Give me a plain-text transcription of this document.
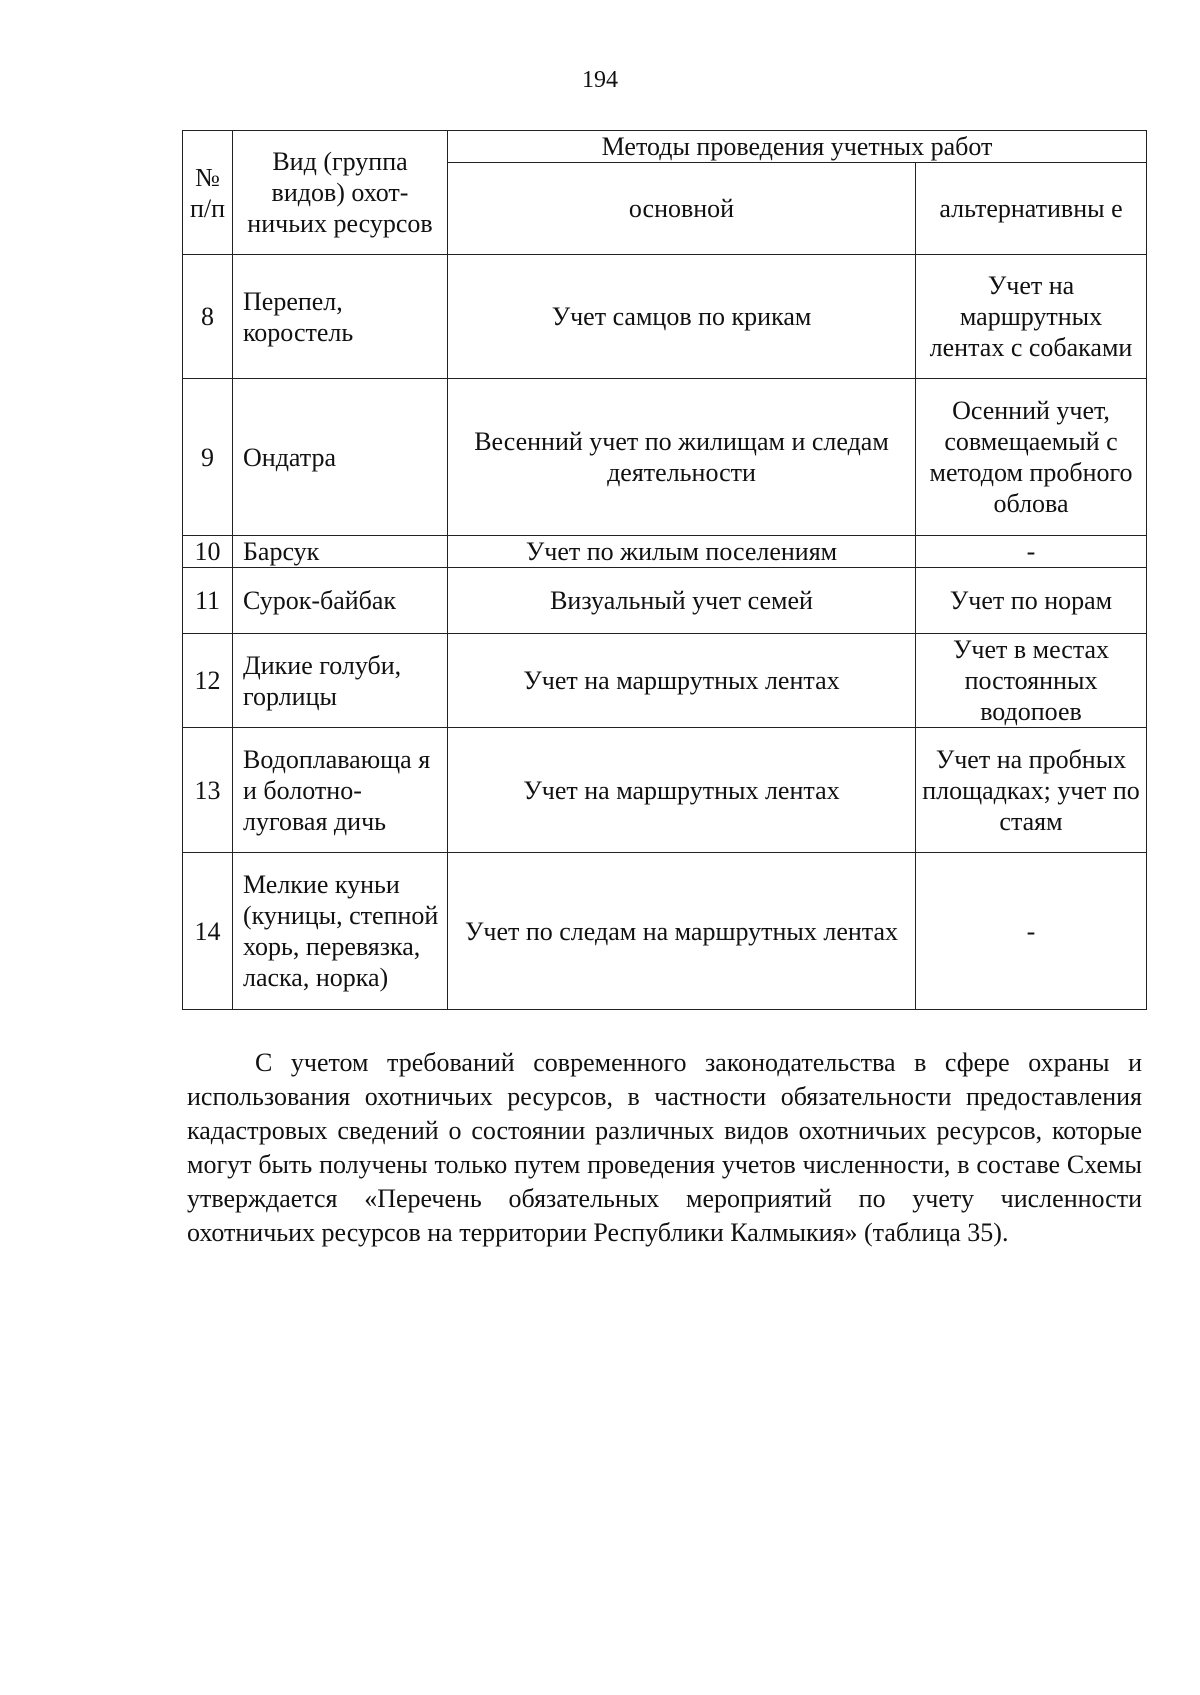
194
№ п/п	Вид (группа видов) охот-ничьих ресурсов	Методы проведения учетных работ	
		основной	альтернативны е
8	Перепел, коростель	Учет самцов по крикам	Учет на маршрутных лентах с собаками
9	Ондатра	Весенний учет по жилищам и следам деятельности	Осенний учет, совмещаемый с методом пробного облова
10	Барсук	Учет по жилым поселениям	-
11	Сурок-байбак	Визуальный учет семей	Учет по норам
12	Дикие голуби, горлицы	Учет на маршрутных лентах	Учет в местах постоянных водопоев
13	Водоплавающа я и болотно-луговая дичь	Учет на маршрутных лентах	Учет на пробных площадках; учет по стаям
14	Мелкие куньи (куницы, степной хорь, перевязка, ласка, норка)	Учет по следам на маршрутных лентах	-

С учетом требований современного законодательства в сфере охраны и использования охотничьих ресурсов, в частности обязательности предоставления кадастровых сведений о состоянии различных видов охотничьих ресурсов, которые могут быть получены только путем проведения учетов численности, в составе Схемы утверждается «Перечень обязательных мероприятий по учету численности охотничьих ресурсов на территории Республики Калмыкия» (таблица 35).
